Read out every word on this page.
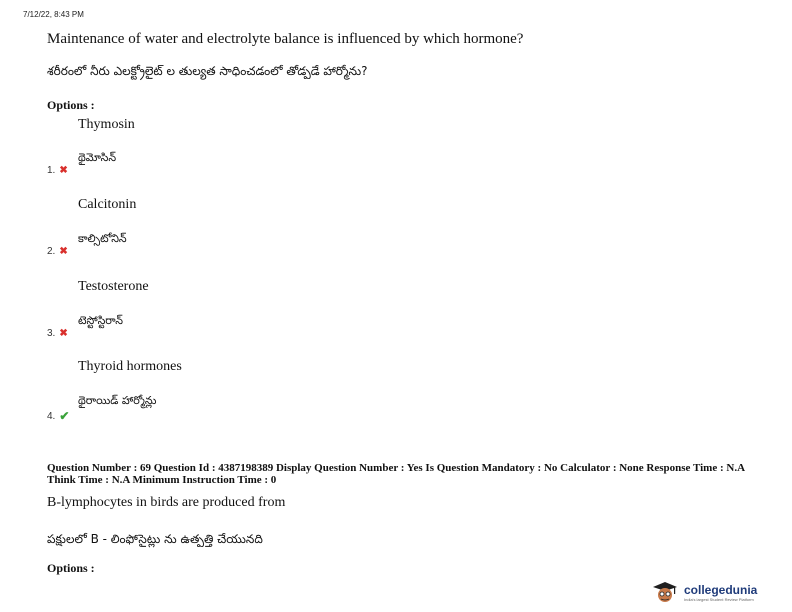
7/12/22, 8:43 PM
Maintenance of water and electrolyte balance is influenced by which hormone?
శరీరంలో నీరు ఎలక్ట్రోలైట్ ల తుల్యత సాధించడంలో తోడ్పడే హార్మోను?
Options :
Thymosin
థైమోసిన్
1. ✖
Calcitonin
కాల్సిటోనిన్
2. ✖
Testosterone
టెస్టోస్టిరాన్
3. ✖
Thyroid hormones
థైరాయిడ్ హార్మోన్లు
4. ✔
Question Number : 69 Question Id : 4387198389 Display Question Number : Yes Is Question Mandatory : No Calculator : None Response Time : N.A Think Time : N.A Minimum Instruction Time : 0
B-lymphocytes in birds are produced from
పక్షులలో B - లింఫోసైట్లు ను ఉత్పత్తి చేయునది
Options :
collegedunia
India's largest Student Review Platform
